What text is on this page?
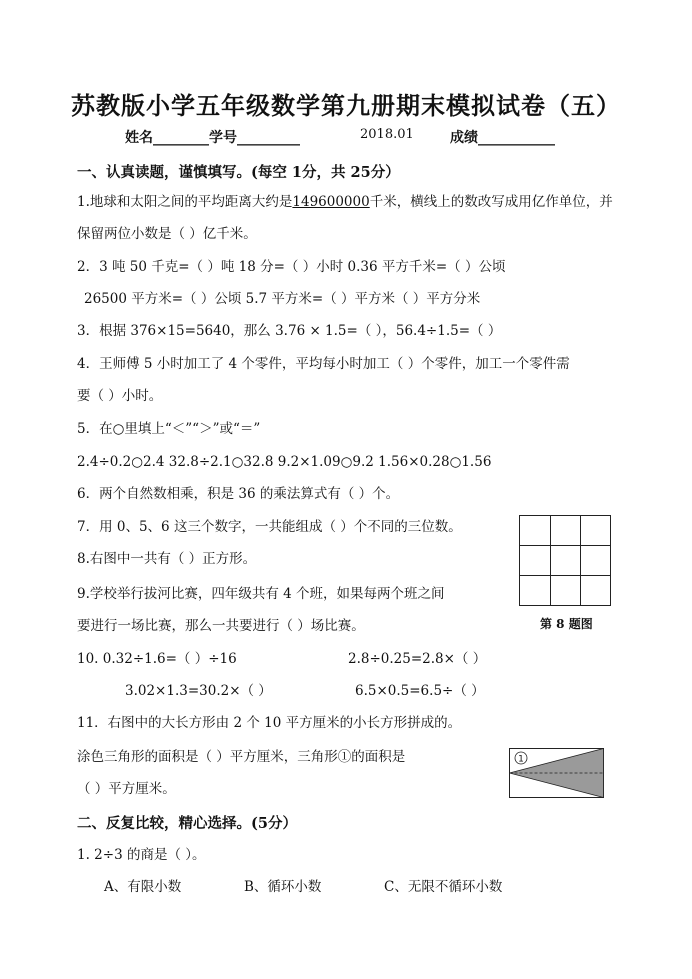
苏教版小学五年级数学第九册期末模拟试卷（五）
姓名________学号_________	2018.01	成绩___________
一、认真读题，谨慎填写。(每空 1分，共 25分）
1.地球和太阳之间的平均距离大约是149600000千米，横线上的数改写成用亿作单位，并
保留两位小数是（ ）亿千米。
2．3 吨 50 千克=（ ）吨 18 分=（ ）小时 0.36 平方千米=（ ）公顷
26500 平方米=（ ）公顷 5.7 平方米=（ ）平方米（ ）平方分米
3．根据 376×15=5640，那么 3.76 × 1.5=（ ），56.4÷1.5=（ ）
4．王师傅 5 小时加工了 4 个零件，平均每小时加工（ ）个零件，加工一个零件需
要（ ）小时。
5．在○里填上“＜”“＞”或“＝”
2.4÷0.2○2.4 32.8÷2.1○32.8 9.2×1.09○9.2 1.56×0.28○1.56
6．两个自然数相乘，积是 36 的乘法算式有（ ）个。
7．用 0、5、6 这三个数字，一共能组成（ ）个不同的三位数。
8.右图中一共有（ ）正方形。
第 8 题图
9.学校举行拔河比赛，四年级共有 4 个班，如果每两个班之间
要进行一场比赛，那么一共要进行（ ）场比赛。
10. 0.32÷1.6=（ ）÷16	2.8÷0.25=2.8×（ ）
3.02×1.3=30.2×（ ）	6.5×0.5=6.5÷（ ）
11．右图中的大长方形由 2 个 10 平方厘米的小长方形拼成的。
涂色三角形的面积是（ ）平方厘米，三角形①的面积是
（ ）平方厘米。
1
二、反复比较，精心选择。(5分）
1. 2÷3 的商是（ ）。
A、有限小数	B、循环小数	C、无限不循环小数
